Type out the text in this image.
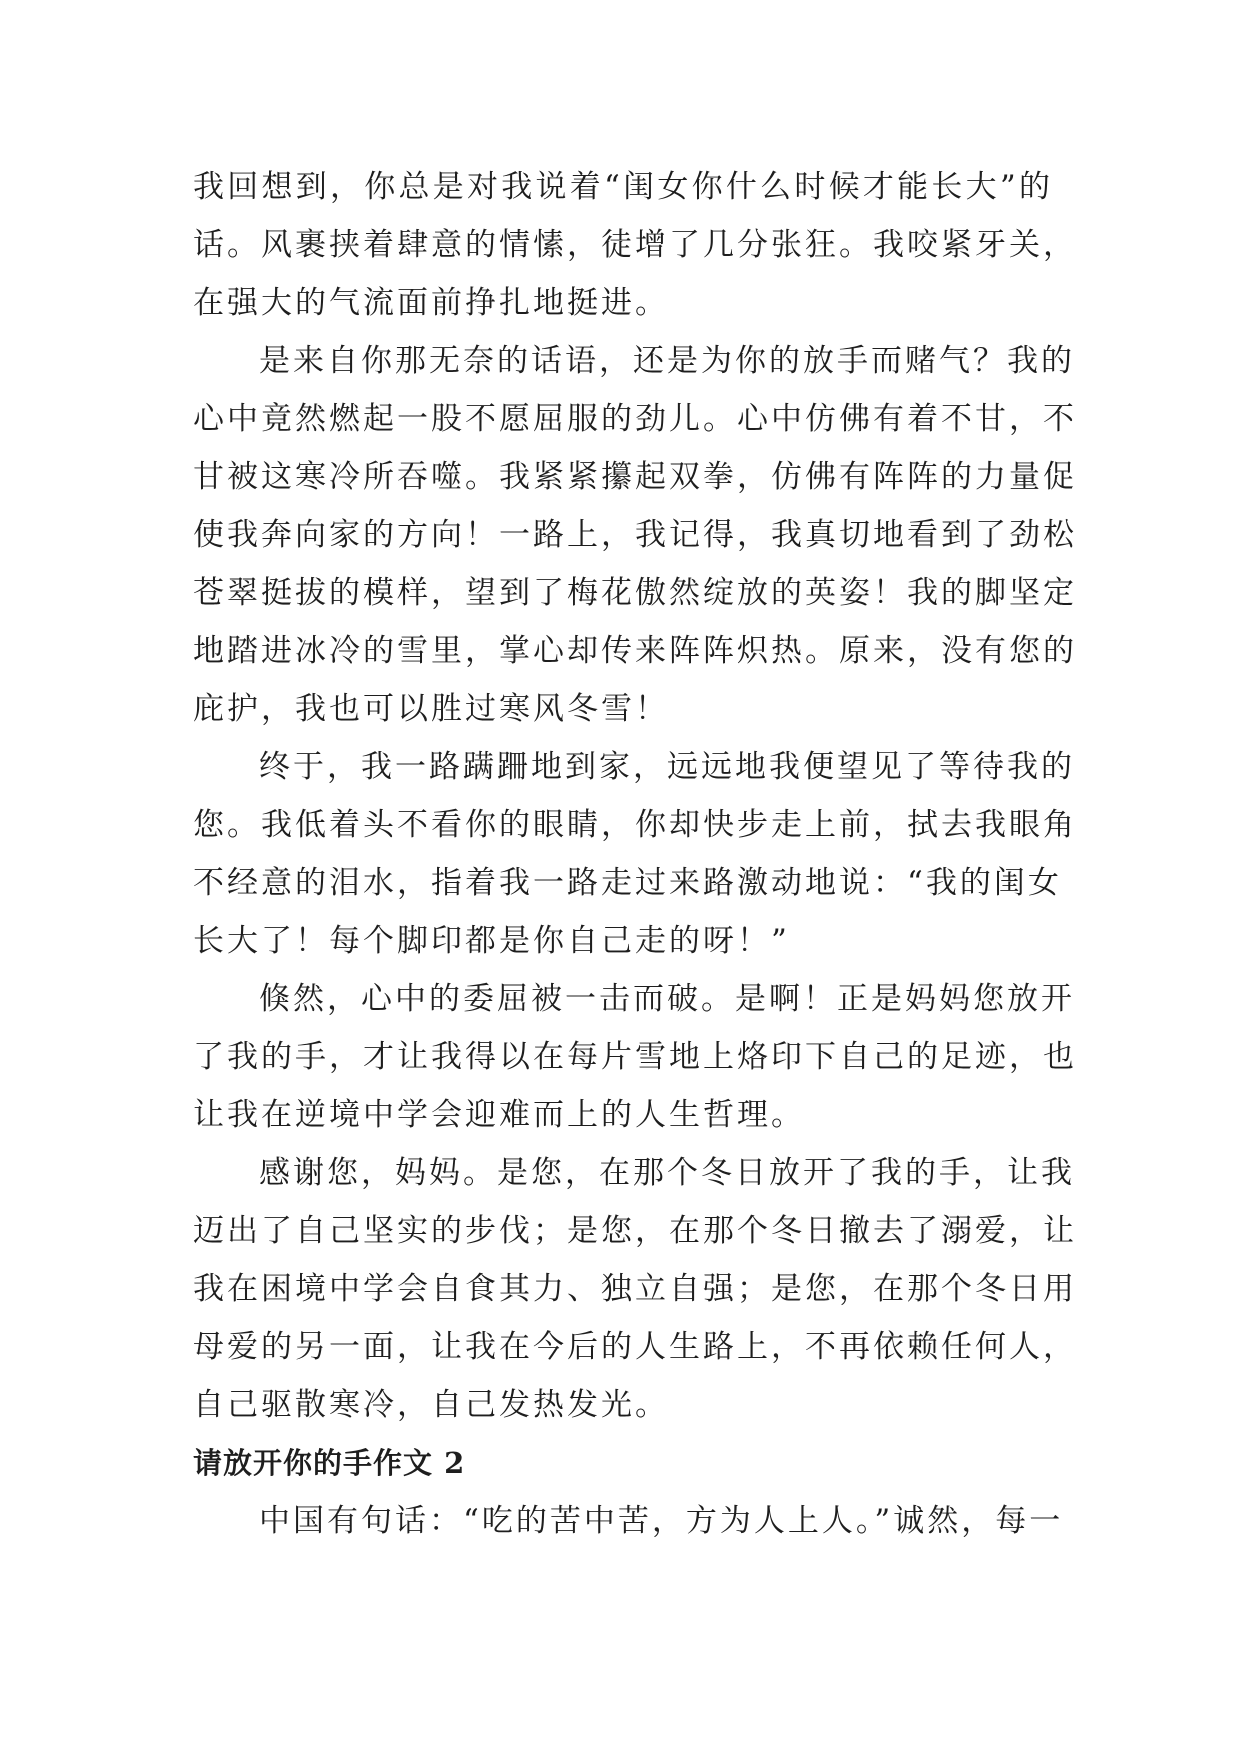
我回想到，你总是对我说着“闺女你什么时候才能长大”的
话。风裹挟着肆意的情愫，徒增了几分张狂。我咬紧牙关，
在强大的气流面前挣扎地挺进。

是来自你那无奈的话语，还是为你的放手而赌气？我的
心中竟然燃起一股不愿屈服的劲儿。心中仿佛有着不甘，不
甘被这寒冷所吞噬。我紧紧攥起双拳，仿佛有阵阵的力量促
使我奔向家的方向！一路上，我记得，我真切地看到了劲松
苍翠挺拔的模样，望到了梅花傲然绽放的英姿！我的脚坚定
地踏进冰冷的雪里，掌心却传来阵阵炽热。原来，没有您的
庇护，我也可以胜过寒风冬雪！

终于，我一路蹒跚地到家，远远地我便望见了等待我的
您。我低着头不看你的眼睛，你却快步走上前，拭去我眼角
不经意的泪水，指着我一路走过来路激动地说：“我的闺女
长大了！每个脚印都是你自己走的呀！”

倏然，心中的委屈被一击而破。是啊！正是妈妈您放开
了我的手，才让我得以在每片雪地上烙印下自己的足迹，也
让我在逆境中学会迎难而上的人生哲理。

感谢您，妈妈。是您，在那个冬日放开了我的手，让我
迈出了自己坚实的步伐；是您，在那个冬日撤去了溺爱，让
我在困境中学会自食其力、独立自强；是您，在那个冬日用
母爱的另一面，让我在今后的人生路上，不再依赖任何人，
自己驱散寒冷，自己发热发光。

请放开你的手作文 2

中国有句话：“吃的苦中苦，方为人上人。”诚然，每一
